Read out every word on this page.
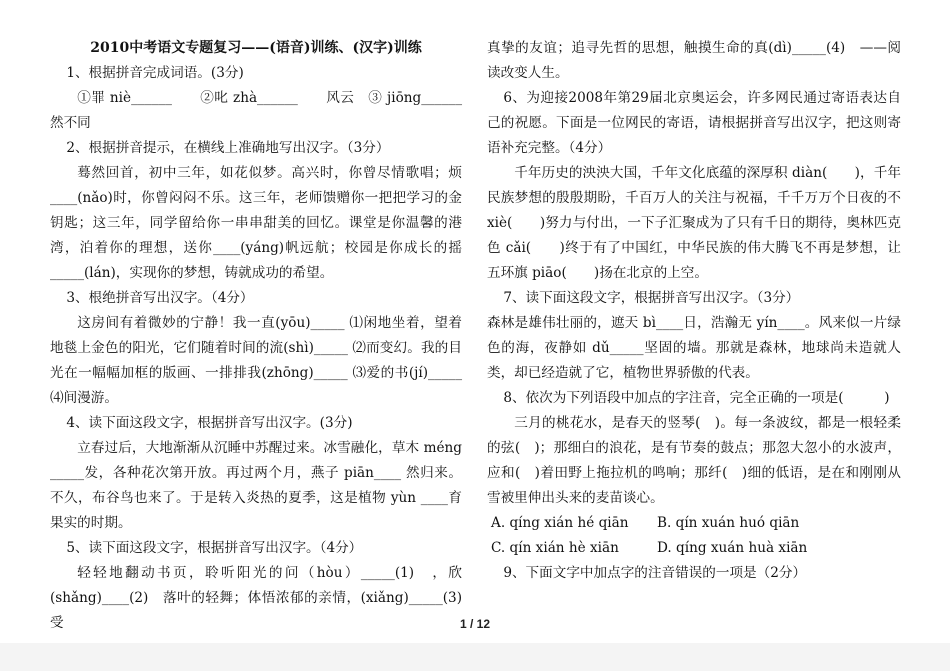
2010中考语文专题复习——(语音)训练、(汉字)训练

1、根据拼音完成词语。(3分)

①罪 niè______　　②叱 zhà______　　风云　③ jiōng______然不同

2、根据拼音提示，在横线上准确地写出汉字。（3分）

蓦然回首，初中三年，如花似梦。高兴时，你曾尽情歌唱；烦____(nǎo)时，你曾闷闷不乐。这三年，老师馈赠你一把把学习的金钥匙；这三年，同学留给你一串串甜美的回忆。课堂是你温馨的港湾，泊着你的理想，送你____(yáng)帆远航；校园是你成长的摇_____(lán)，实现你的梦想，铸就成功的希望。

3、根绝拼音写出汉字。（4分）

这房间有着微妙的宁静！我一直(yōu)_____ ⑴闲地坐着，望着地毯上金色的阳光，它们随着时间的流(shì)_____ ⑵而变幻。我的目光在一幅幅加框的版画、一排排我(zhōng)_____ ⑶爱的书(jí)_____ ⑷间漫游。

4、读下面这段文字，根据拼音写出汉字。(3分)

立春过后，大地渐渐从沉睡中苏醒过来。冰雪融化，草木 méng _____发，各种花次第开放。再过两个月，燕子 piān____ 然归来。不久，布谷鸟也来了。于是转入炎热的夏季，这是植物 yùn ____育果实的时期。

5、读下面这段文字，根据拼音写出汉字。（4分）

轻轻地翻动书页，聆听阳光的问（hòu）_____(1)　，欣(shǎng)____(2)　落叶的轻舞；体悟浓郁的亲情，(xiǎng)_____(3)　受

真挚的友谊；追寻先哲的思想，触摸生命的真(dì)_____(4)　——阅读改变人生。

6、为迎接2008年第29届北京奥运会，许多网民通过寄语表达自己的祝愿。下面是一位网民的寄语，请根据拼音写出汉字，把这则寄语补充完整。（4分）

千年历史的泱泱大国，千年文化底蕴的深厚积 diàn(　　)，千年民族梦想的殷殷期盼，千百万人的关注与祝福，千千万万个日夜的不 xiè(　　)努力与付出，一下子汇聚成为了只有千日的期待，奥林匹克色 cǎi(　　)终于有了中国红，中华民族的伟大腾飞不再是梦想，让五环旗 piāo(　　)扬在北京的上空。

7、读下面这段文字，根据拼音写出汉字。（3分）

森林是雄伟壮丽的，遮天 bì____日，浩瀚无 yín____。风来似一片绿色的海，夜静如 dǔ_____坚固的墙。那就是森林，地球尚未造就人类，却已经造就了它，植物世界骄傲的代表。

8、依次为下列语段中加点的字注音，完全正确的一项是(　　　)

三月的桃花水，是春天的竖琴(　)。每一条波纹，都是一根轻柔的弦(　)；那细白的浪花，是有节奏的鼓点；那忽大忽小的水波声，应和(　)着田野上拖拉机的鸣响；那纤(　)细的低语，是在和刚刚从雪被里伸出头来的麦苗谈心。

A. qíng xián hé qiān B. qín xuán huó qiān

C. qín xián hè xiān	D. qíng xuán huà xiān

9、下面文字中加点字的注音错误的一项是（2分）

1 / 12
